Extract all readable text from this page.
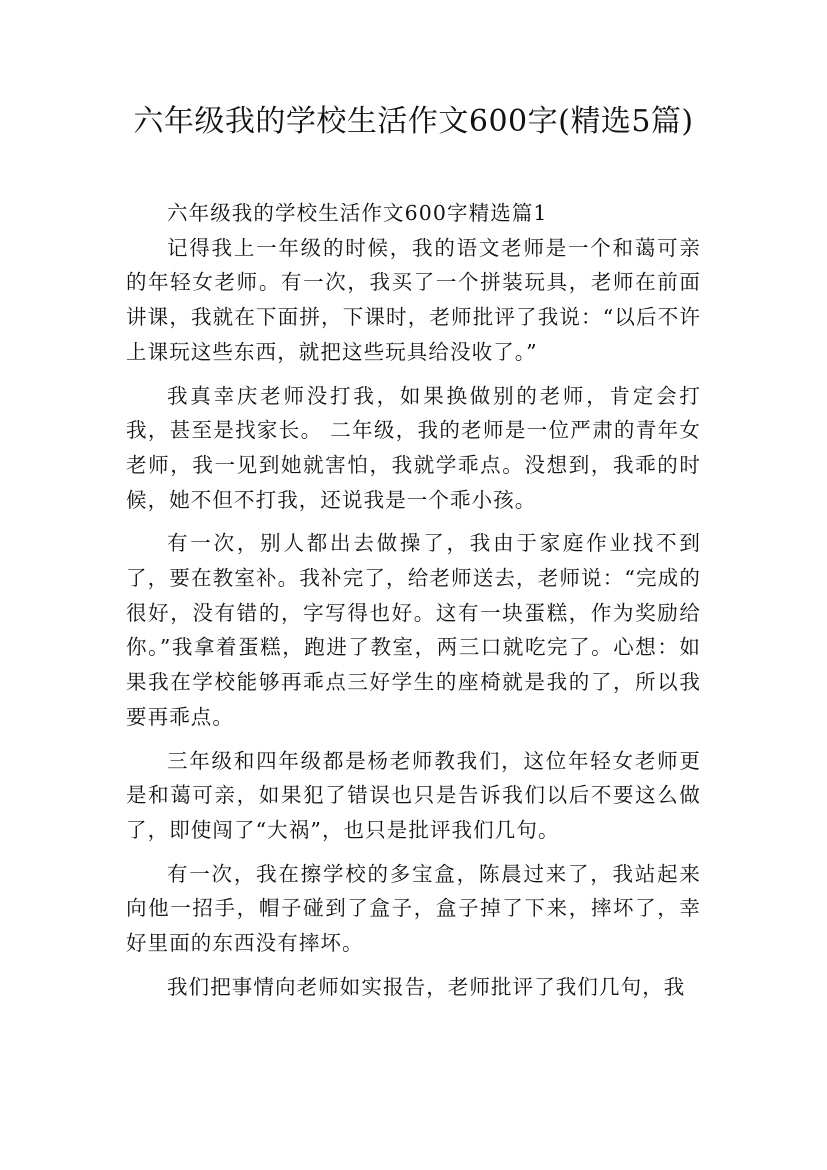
六年级我的学校生活作文600字(精选5篇)

六年级我的学校生活作文600字精选篇1

记得我上一年级的时候，我的语文老师是一个和蔼可亲的年轻女老师。有一次，我买了一个拼装玩具，老师在前面讲课，我就在下面拼，下课时，老师批评了我说：“以后不许上课玩这些东西，就把这些玩具给没收了。”

我真幸庆老师没打我，如果换做别的老师，肯定会打我，甚至是找家长。 二年级，我的老师是一位严肃的青年女老师，我一见到她就害怕，我就学乖点。没想到，我乖的时候，她不但不打我，还说我是一个乖小孩。

有一次，别人都出去做操了，我由于家庭作业找不到了，要在教室补。我补完了，给老师送去，老师说：“完成的很好，没有错的，字写得也好。这有一块蛋糕，作为奖励给你。”我拿着蛋糕，跑进了教室，两三口就吃完了。心想：如果我在学校能够再乖点三好学生的座椅就是我的了，所以我要再乖点。

三年级和四年级都是杨老师教我们，这位年轻女老师更是和蔼可亲，如果犯了错误也只是告诉我们以后不要这么做了，即使闯了“大祸”，也只是批评我们几句。

有一次，我在擦学校的多宝盒，陈晨过来了，我站起来向他一招手，帽子碰到了盒子，盒子掉了下来，摔坏了，幸好里面的东西没有摔坏。

我们把事情向老师如实报告，老师批评了我们几句，我
